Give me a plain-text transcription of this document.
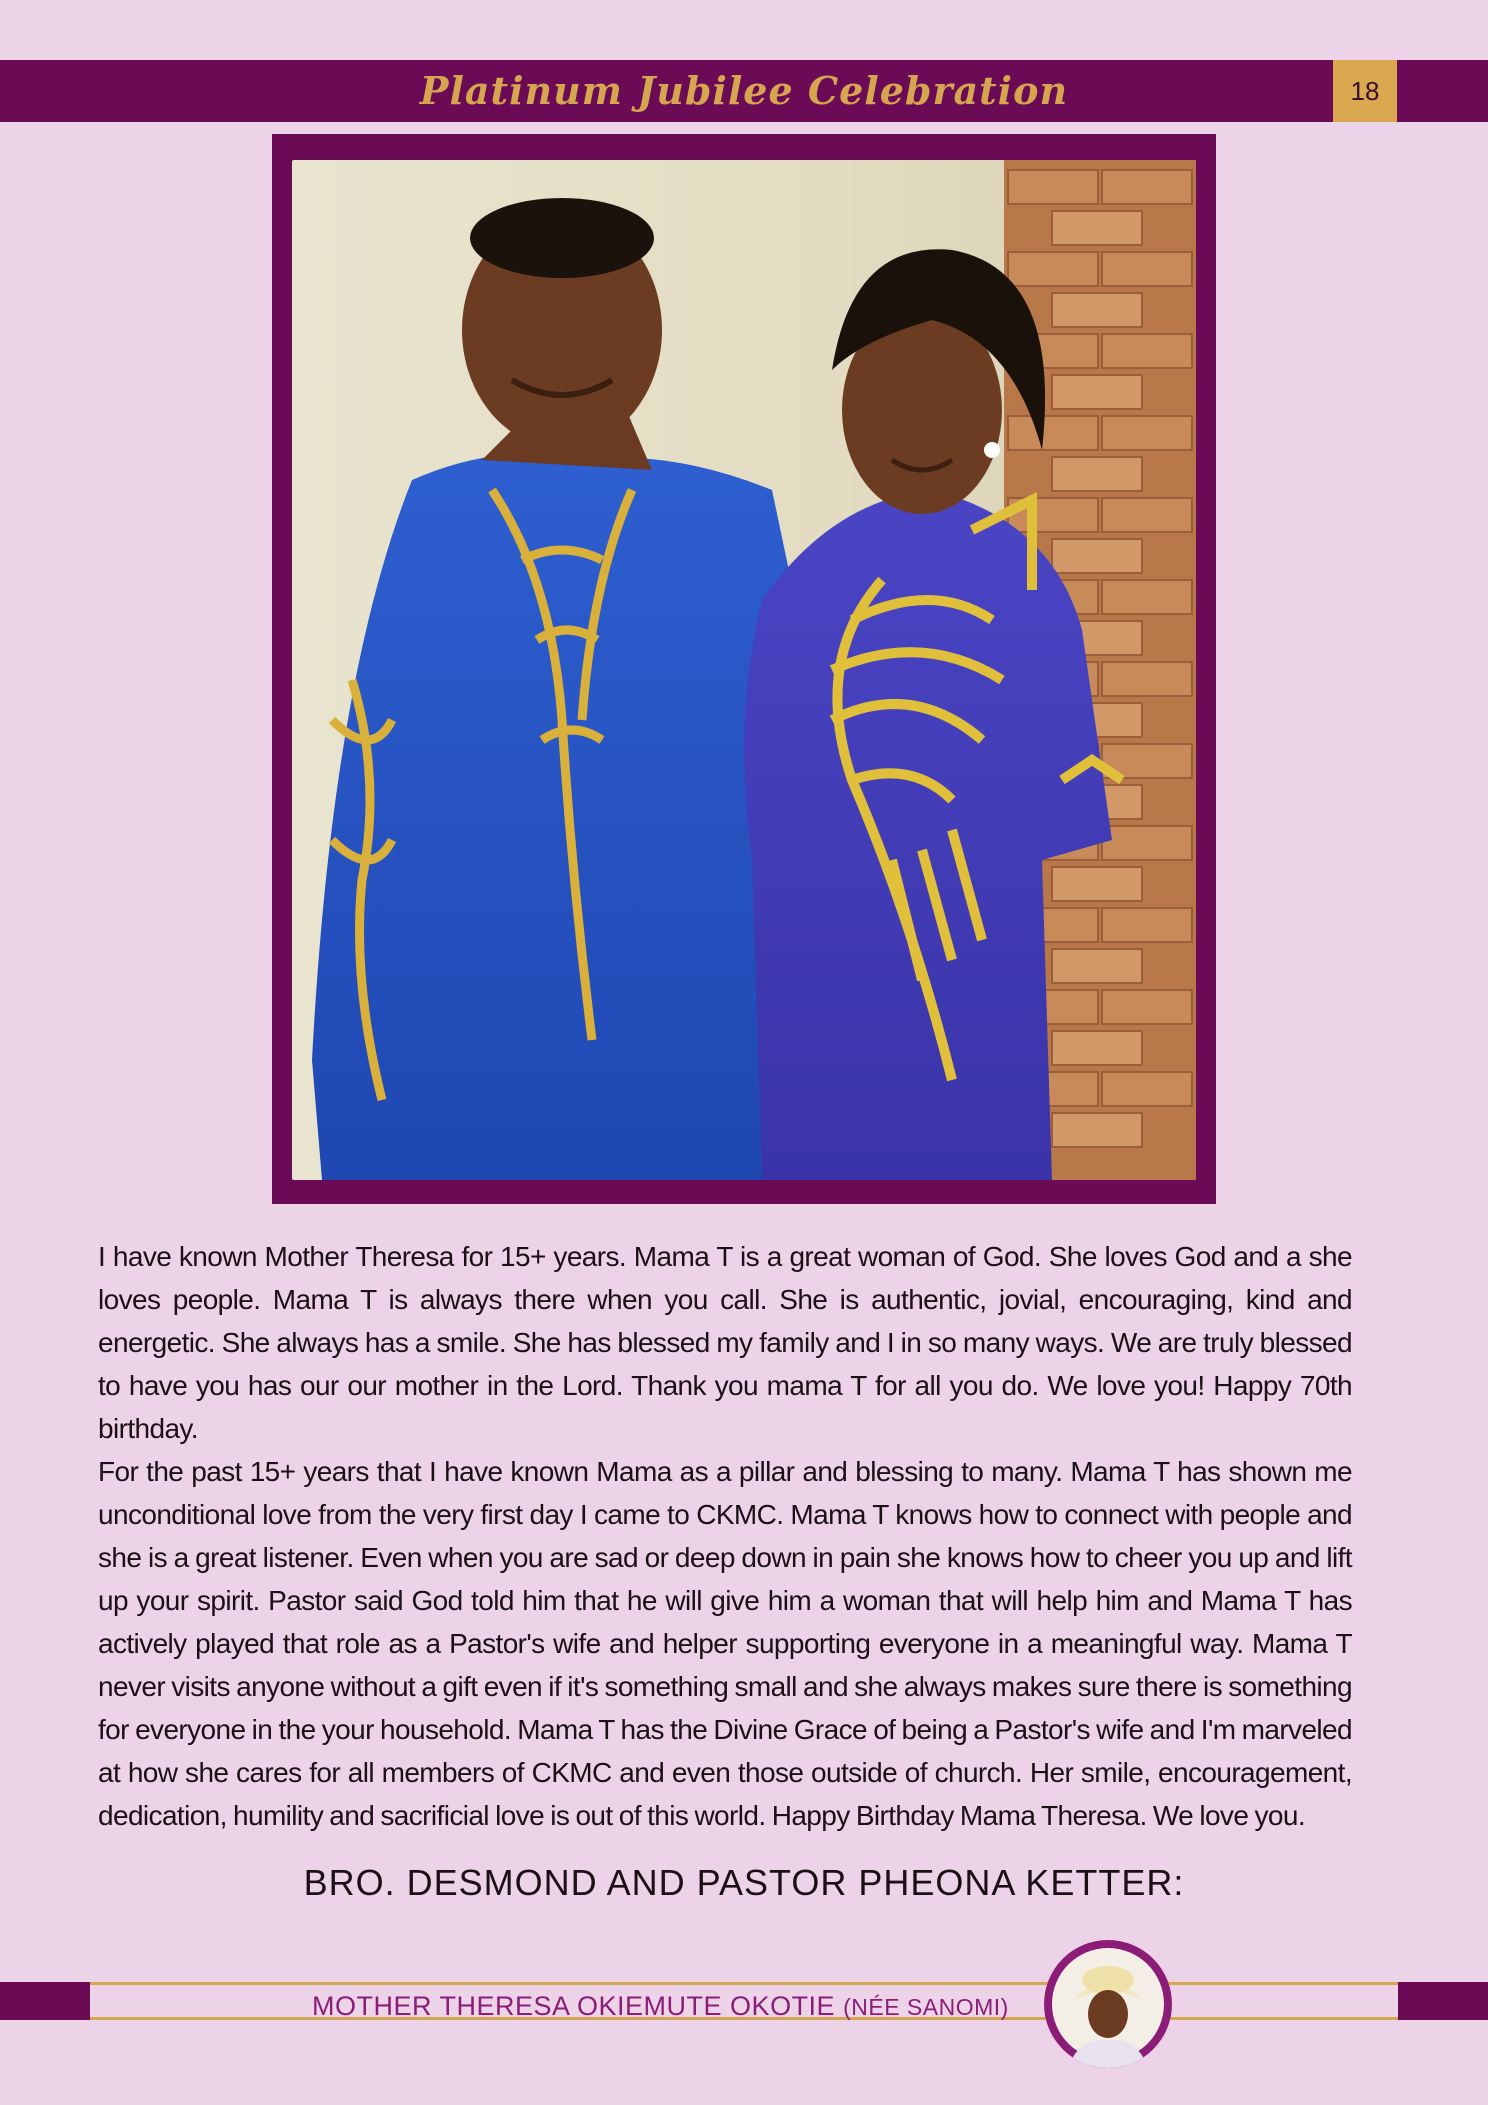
Platinum Jubilee Celebration	18

I have known Mother Theresa for 15+ years. Mama T is a great woman of God. She loves God and a she loves people. Mama T is always there when you call. She is authentic, jovial, encouraging, kind and energetic. She always has a smile. She has blessed my family and I in so many ways. We are truly blessed to have you has our our mother in the Lord. Thank you mama T for all you do. We love you! Happy 70th birthday.

For the past 15+ years that I have known Mama as a pillar and blessing to many. Mama T has shown me unconditional love from the very first day I came to CKMC. Mama T knows how to connect with people and she is a great listener. Even when you are sad or deep down in pain she knows how to cheer you up and lift up your spirit. Pastor said God told him that he will give him a woman that will help him and Mama T has actively played that role as a Pastor's wife and helper supporting everyone in a meaningful way. Mama T never visits anyone without a gift even if it's something small and she always makes sure there is something for everyone in the your household. Mama T has the Divine Grace of being a Pastor's wife and I'm marveled at how she cares for all members of CKMC and even those outside of church. Her smile, encouragement, dedication, humility and sacrificial love is out of this world. Happy Birthday Mama Theresa. We love you.

BRO. DESMOND AND PASTOR PHEONA KETTER:
MOTHER THERESA OKIEMUTE OKOTIE (NÉE SANOMI)
